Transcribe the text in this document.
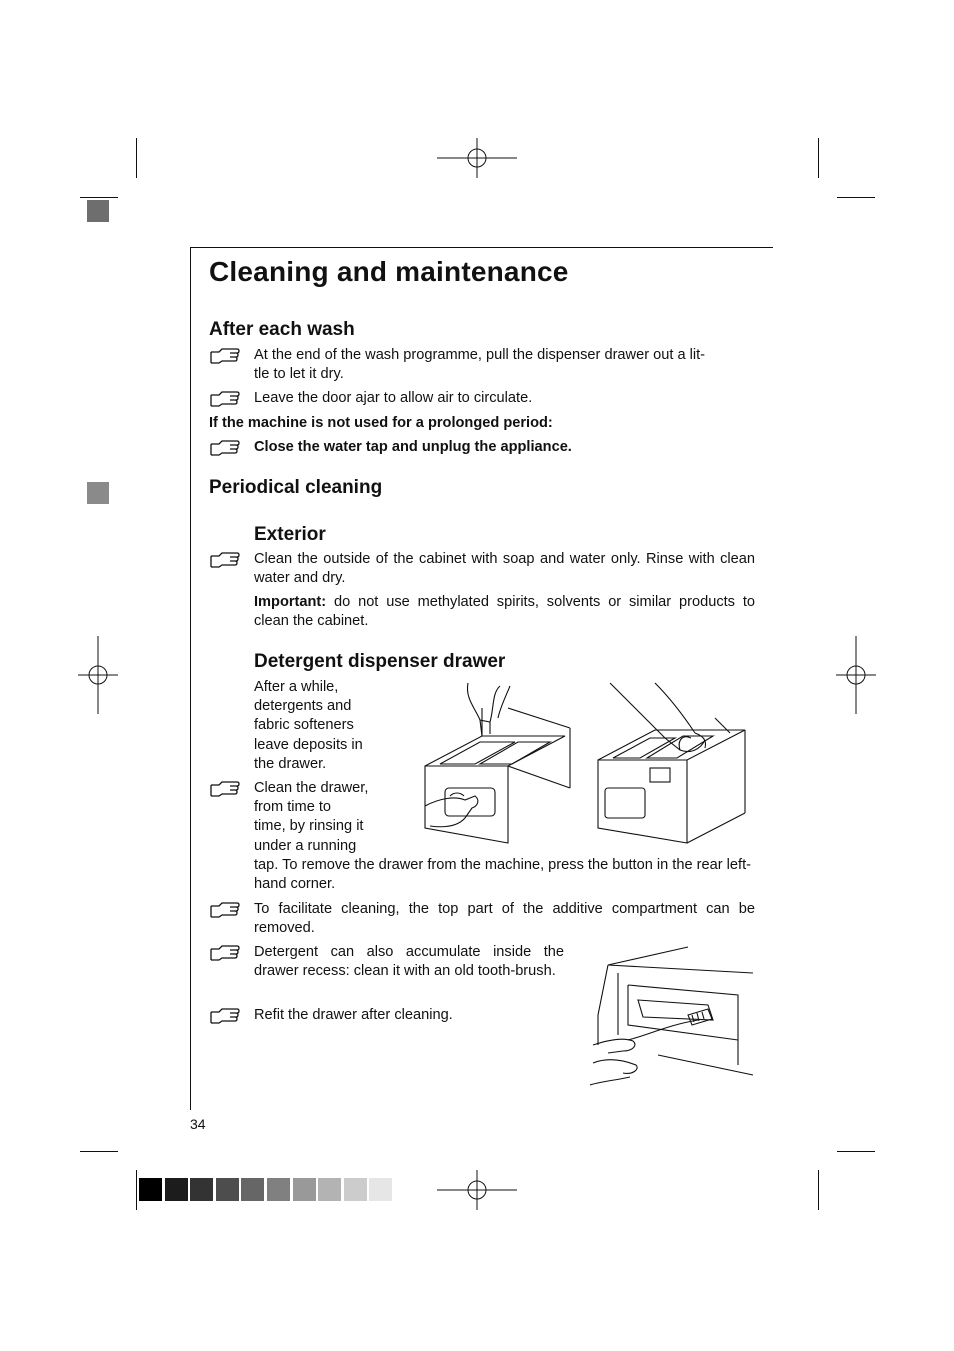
Cleaning and maintenance
After each wash
At the end of the wash programme, pull the dispenser drawer out a lit-
tle to let it dry.
Leave the door ajar to allow air to circulate.
If the machine is not used for a prolonged period:
Close the water tap and unplug the appliance.
Periodical cleaning
Exterior
Clean the outside of the cabinet with soap and water only. Rinse with clean water and dry.
Important: do not use methylated spirits, solvents or similar products to clean the cabinet.
Detergent dispenser drawer
After a while,
detergents and
fabric softeners
leave deposits in
the drawer.
Clean the drawer,
from time to
time, by rinsing it
under a running
tap. To remove the drawer from the machine, press the button in the rear left-hand corner.
To facilitate cleaning, the top part of the additive compartment can be removed.
Detergent can also accumulate inside the drawer recess: clean it with an old tooth-brush.
Refit the drawer after cleaning.
34
